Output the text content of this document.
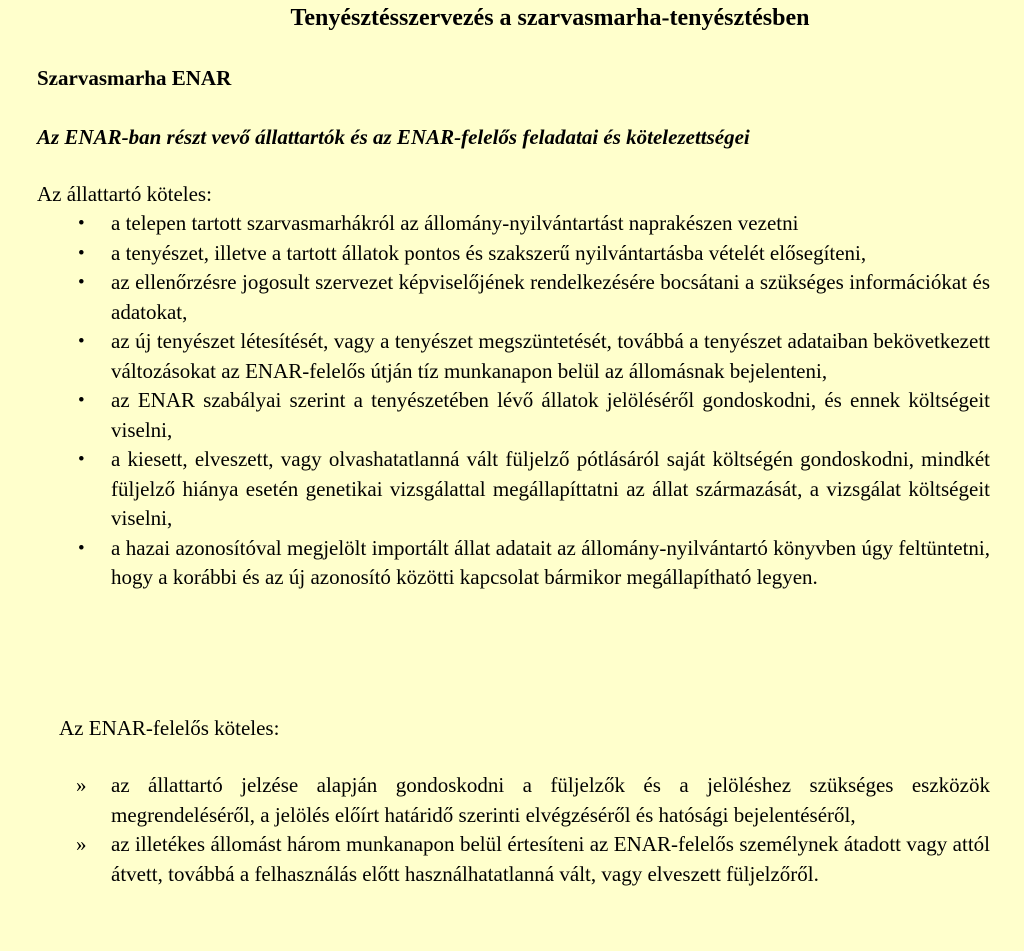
Tenyésztésszervezés a szarvasmarha-tenyésztésben
Szarvasmarha ENAR
Az ENAR-ban részt vevő állattartók és az ENAR-felelős feladatai és kötelezettségei
Az állattartó köteles:
•	a telepen tartott szarvasmarhákról az állomány-nyilvántartást naprakészen vezetni
•	a tenyészet, illetve a tartott állatok pontos és szakszerű nyilvántartásba vételét elősegíteni,
•	az ellenőrzésre jogosult szervezet képviselőjének rendelkezésére bocsátani a szükséges információkat és adatokat,
•	az új tenyészet létesítését, vagy a tenyészet megszüntetését, továbbá a tenyészet adataiban bekövetkezett változásokat az ENAR-felelős útján tíz munkanapon belül az állomásnak bejelenteni,
•	az ENAR szabályai szerint a tenyészetében lévő állatok jelöléséről gondoskodni, és ennek költségeit viselni,
•	a kiesett, elveszett, vagy olvashatatlanná vált füljelző pótlásáról saját költségén gondoskodni, mindkét füljelző hiánya esetén genetikai vizsgálattal megállapíttatni az állat származását, a vizsgálat költségeit viselni,
•	a hazai azonosítóval megjelölt importált állat adatait az állomány-nyilvántartó könyvben úgy feltüntetni, hogy a korábbi és az új azonosító közötti kapcsolat bármikor megállapítható legyen.
Az ENAR-felelős köteles:
»	az állattartó jelzése alapján gondoskodni a füljelzők és a jelöléshez szükséges eszközök megrendeléséről, a jelölés előírt határidő szerinti elvégzéséről és hatósági bejelentéséről,
»	az illetékes állomást három munkanapon belül értesíteni az ENAR-felelős személynek átadott vagy attól átvett, továbbá a felhasználás előtt használhatatlanná vált, vagy elveszett füljelzőről.
